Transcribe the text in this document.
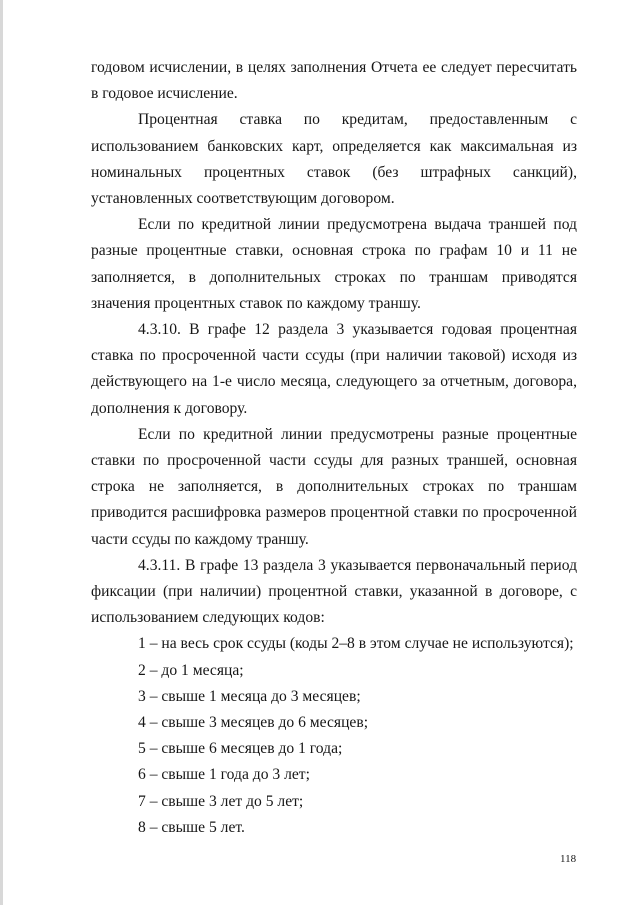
годовом исчислении, в целях заполнения Отчета ее следует пересчитать в годовое исчисление.

Процентная ставка по кредитам, предоставленным с использованием банковских карт, определяется как максимальная из номинальных процентных ставок (без штрафных санкций), установленных соответствующим договором.

Если по кредитной линии предусмотрена выдача траншей под разные процентные ставки, основная строка по графам 10 и 11 не заполняется, в дополнительных строках по траншам приводятся значения процентных ставок по каждому траншу.

4.3.10. В графе 12 раздела 3 указывается годовая процентная ставка по просроченной части ссуды (при наличии таковой) исходя из действующего на 1-е число месяца, следующего за отчетным, договора, дополнения к договору.

Если по кредитной линии предусмотрены разные процентные ставки по просроченной части ссуды для разных траншей, основная строка не заполняется, в дополнительных строках по траншам приводится расшифровка размеров процентной ставки по просроченной части ссуды по каждому траншу.

4.3.11. В графе 13 раздела 3 указывается первоначальный период фиксации (при наличии) процентной ставки, указанной в договоре, с использованием следующих кодов:

1 – на весь срок ссуды (коды 2–8 в этом случае не используются);

2 – до 1 месяца;

3 – свыше 1 месяца до 3 месяцев;

4 – свыше 3 месяцев до 6 месяцев;

5 – свыше 6 месяцев до 1 года;

6 – свыше 1 года до 3 лет;

7 – свыше 3 лет до 5 лет;

8 – свыше 5 лет.

118
